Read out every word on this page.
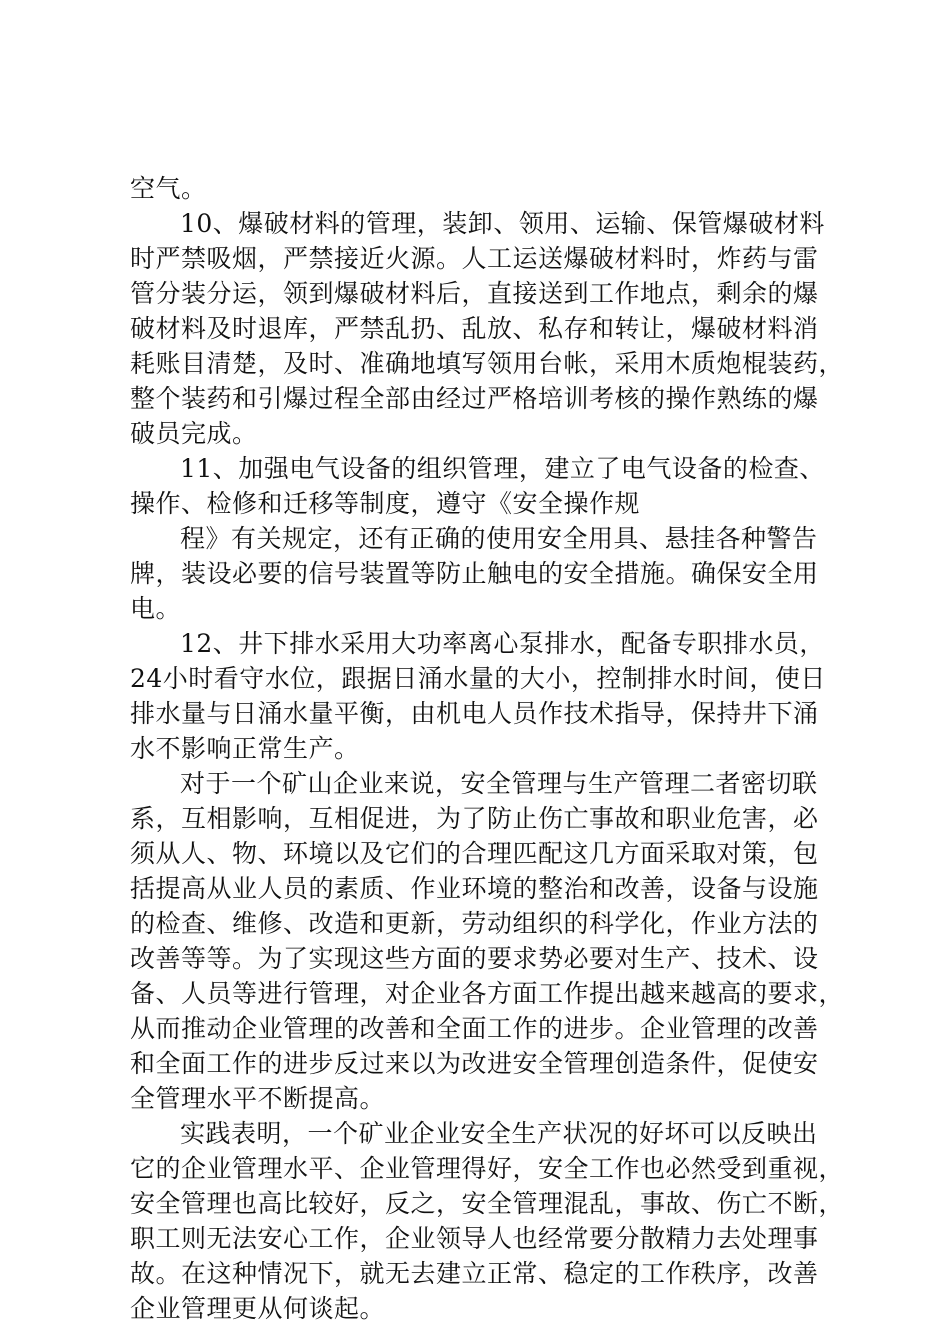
空气。
10、爆破材料的管理，装卸、领用、运输、保管爆破材料
时严禁吸烟，严禁接近火源。人工运送爆破材料时，炸药与雷
管分装分运，领到爆破材料后，直接送到工作地点，剩余的爆
破材料及时退库，严禁乱扔、乱放、私存和转让，爆破材料消
耗账目清楚，及时、准确地填写领用台帐，采用木质炮棍装药，
整个装药和引爆过程全部由经过严格培训考核的操作熟练的爆
破员完成。
11、加强电气设备的组织管理，建立了电气设备的检查、
操作、检修和迁移等制度，遵守《安全操作规
程》有关规定，还有正确的使用安全用具、悬挂各种警告
牌，装设必要的信号装置等防止触电的安全措施。确保安全用
电。
12、井下排水采用大功率离心泵排水，配备专职排水员，
24小时看守水位，跟据日涌水量的大小，控制排水时间，使日
排水量与日涌水量平衡，由机电人员作技术指导，保持井下涌
水不影响正常生产。
对于一个矿山企业来说，安全管理与生产管理二者密切联
系，互相影响，互相促进，为了防止伤亡事故和职业危害，必
须从人、物、环境以及它们的合理匹配这几方面采取对策，包
括提高从业人员的素质、作业环境的整治和改善，设备与设施
的检查、维修、改造和更新，劳动组织的科学化，作业方法的
改善等等。为了实现这些方面的要求势必要对生产、技术、设
备、人员等进行管理，对企业各方面工作提出越来越高的要求，
从而推动企业管理的改善和全面工作的进步。企业管理的改善
和全面工作的进步反过来以为改进安全管理创造条件，促使安
全管理水平不断提高。
实践表明，一个矿业企业安全生产状况的好坏可以反映出
它的企业管理水平、企业管理得好，安全工作也必然受到重视，
安全管理也高比较好，反之，安全管理混乱，事故、伤亡不断，
职工则无法安心工作，企业领导人也经常要分散精力去处理事
故。在这种情况下，就无去建立正常、稳定的工作秩序，改善
企业管理更从何谈起。
